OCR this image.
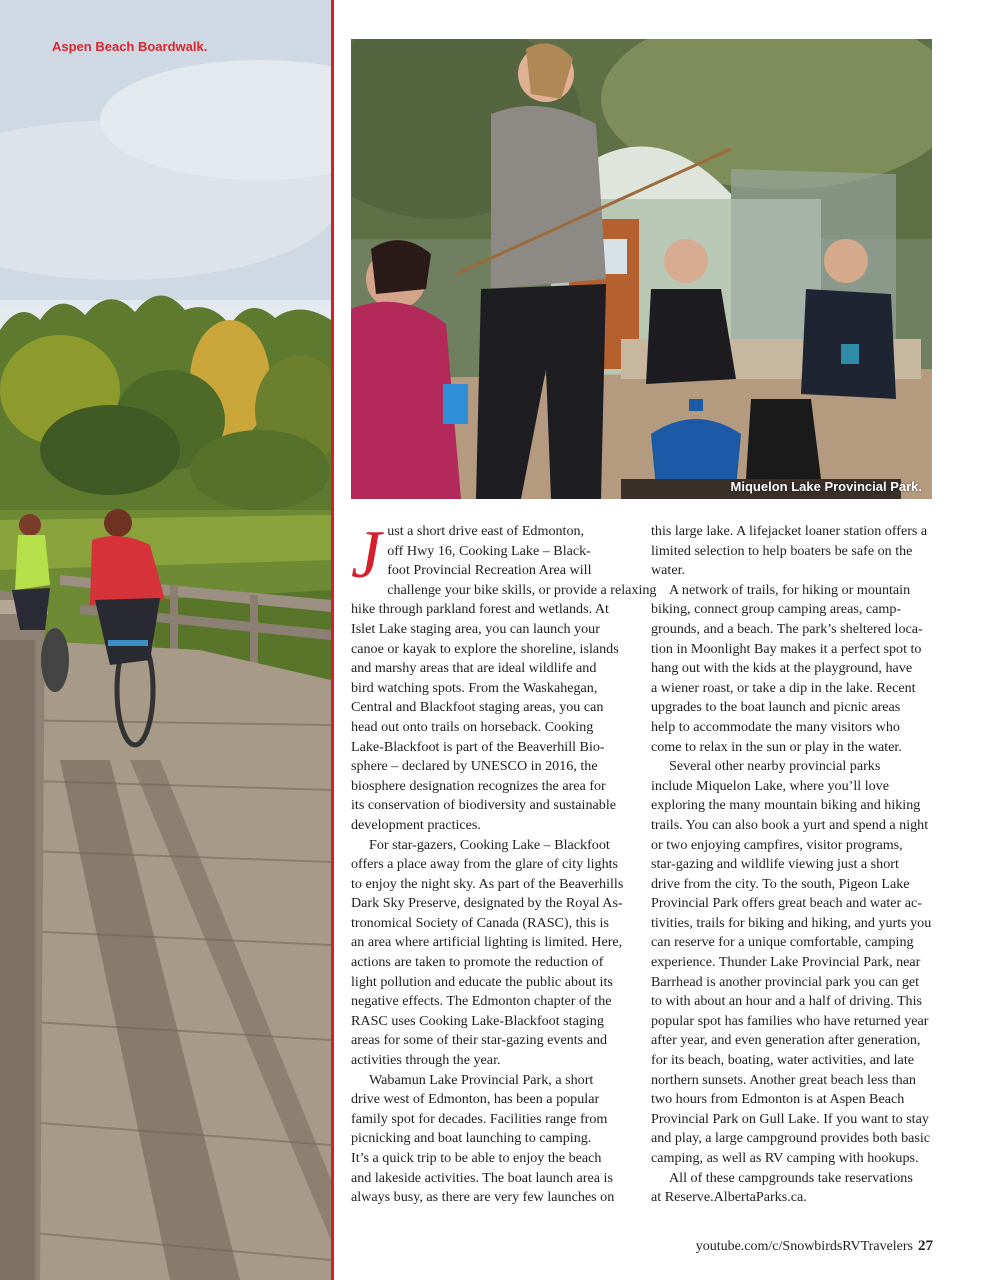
Aspen Beach Boardwalk.
Miquelon Lake Provincial Park.

J ust a short drive east of Edmonton,
off Hwy 16, Cooking Lake – Black-
foot Provincial Recreation Area will
challenge your bike skills, or provide a relaxing
hike through parkland forest and wetlands. At
Islet Lake staging area, you can launch your
canoe or kayak to explore the shoreline, islands
and marshy areas that are ideal wildlife and
bird watching spots. From the Waskahegan,
Central and Blackfoot staging areas, you can
head out onto trails on horseback. Cooking
Lake-Blackfoot is part of the Beaverhill Bio-
sphere – declared by UNESCO in 2016, the
biosphere designation recognizes the area for
its conservation of biodiversity and sustainable
development practices.

For star-gazers, Cooking Lake – Blackfoot
offers a place away from the glare of city lights
to enjoy the night sky. As part of the Beaverhills
Dark Sky Preserve, designated by the Royal As-
tronomical Society of Canada (RASC), this is
an area where artificial lighting is limited. Here,
actions are taken to promote the reduction of
light pollution and educate the public about its
negative effects. The Edmonton chapter of the
RASC uses Cooking Lake-Blackfoot staging
areas for some of their star-gazing events and
activities through the year.

Wabamun Lake Provincial Park, a short
drive west of Edmonton, has been a popular
family spot for decades. Facilities range from
picnicking and boat launching to camping.
It’s a quick trip to be able to enjoy the beach
and lakeside activities. The boat launch area is
always busy, as there are very few launches on

this large lake. A lifejacket loaner station offers a
limited selection to help boaters be safe on the
water.

A network of trails, for hiking or mountain
biking, connect group camping areas, camp-
grounds, and a beach. The park’s sheltered loca-
tion in Moonlight Bay makes it a perfect spot to
hang out with the kids at the playground, have
a wiener roast, or take a dip in the lake. Recent
upgrades to the boat launch and picnic areas
help to accommodate the many visitors who
come to relax in the sun or play in the water.

Several other nearby provincial parks
include Miquelon Lake, where you’ll love
exploring the many mountain biking and hiking
trails. You can also book a yurt and spend a night
or two enjoying campfires, visitor programs,
star-gazing and wildlife viewing just a short
drive from the city. To the south, Pigeon Lake
Provincial Park offers great beach and water ac-
tivities, trails for biking and hiking, and yurts you
can reserve for a unique comfortable, camping
experience. Thunder Lake Provincial Park, near
Barrhead is another provincial park you can get
to with about an hour and a half of driving. This
popular spot has families who have returned year
after year, and even generation after generation,
for its beach, boating, water activities, and late
northern sunsets. Another great beach less than
two hours from Edmonton is at Aspen Beach
Provincial Park on Gull Lake. If you want to stay
and play, a large campground provides both basic
camping, as well as RV camping with hookups.

All of these campgrounds take reservations
at Reserve.AlbertaParks.ca.

youtube.com/c/SnowbirdsRVTravelers 27
